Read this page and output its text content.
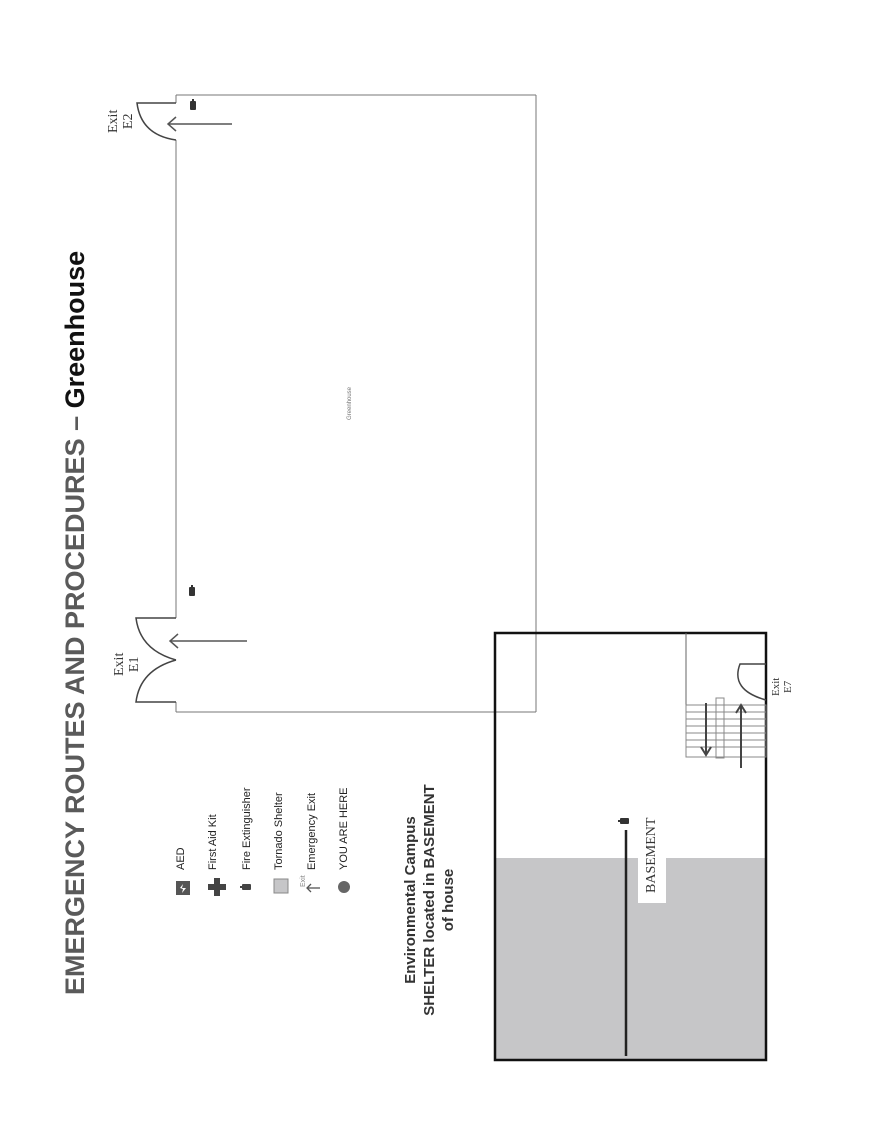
EMERGENCY ROUTES AND PROCEDURES – Greenhouse	Greenhouse
Exit E1
Exit E2
Exit E7
BASEMENT
AED First Aid Kit Fire Extinguisher Tornado Shelter
Exit
Emergency Exit YOU ARE HERE	Environmental Campus SHELTER located in BASEMENT of house
